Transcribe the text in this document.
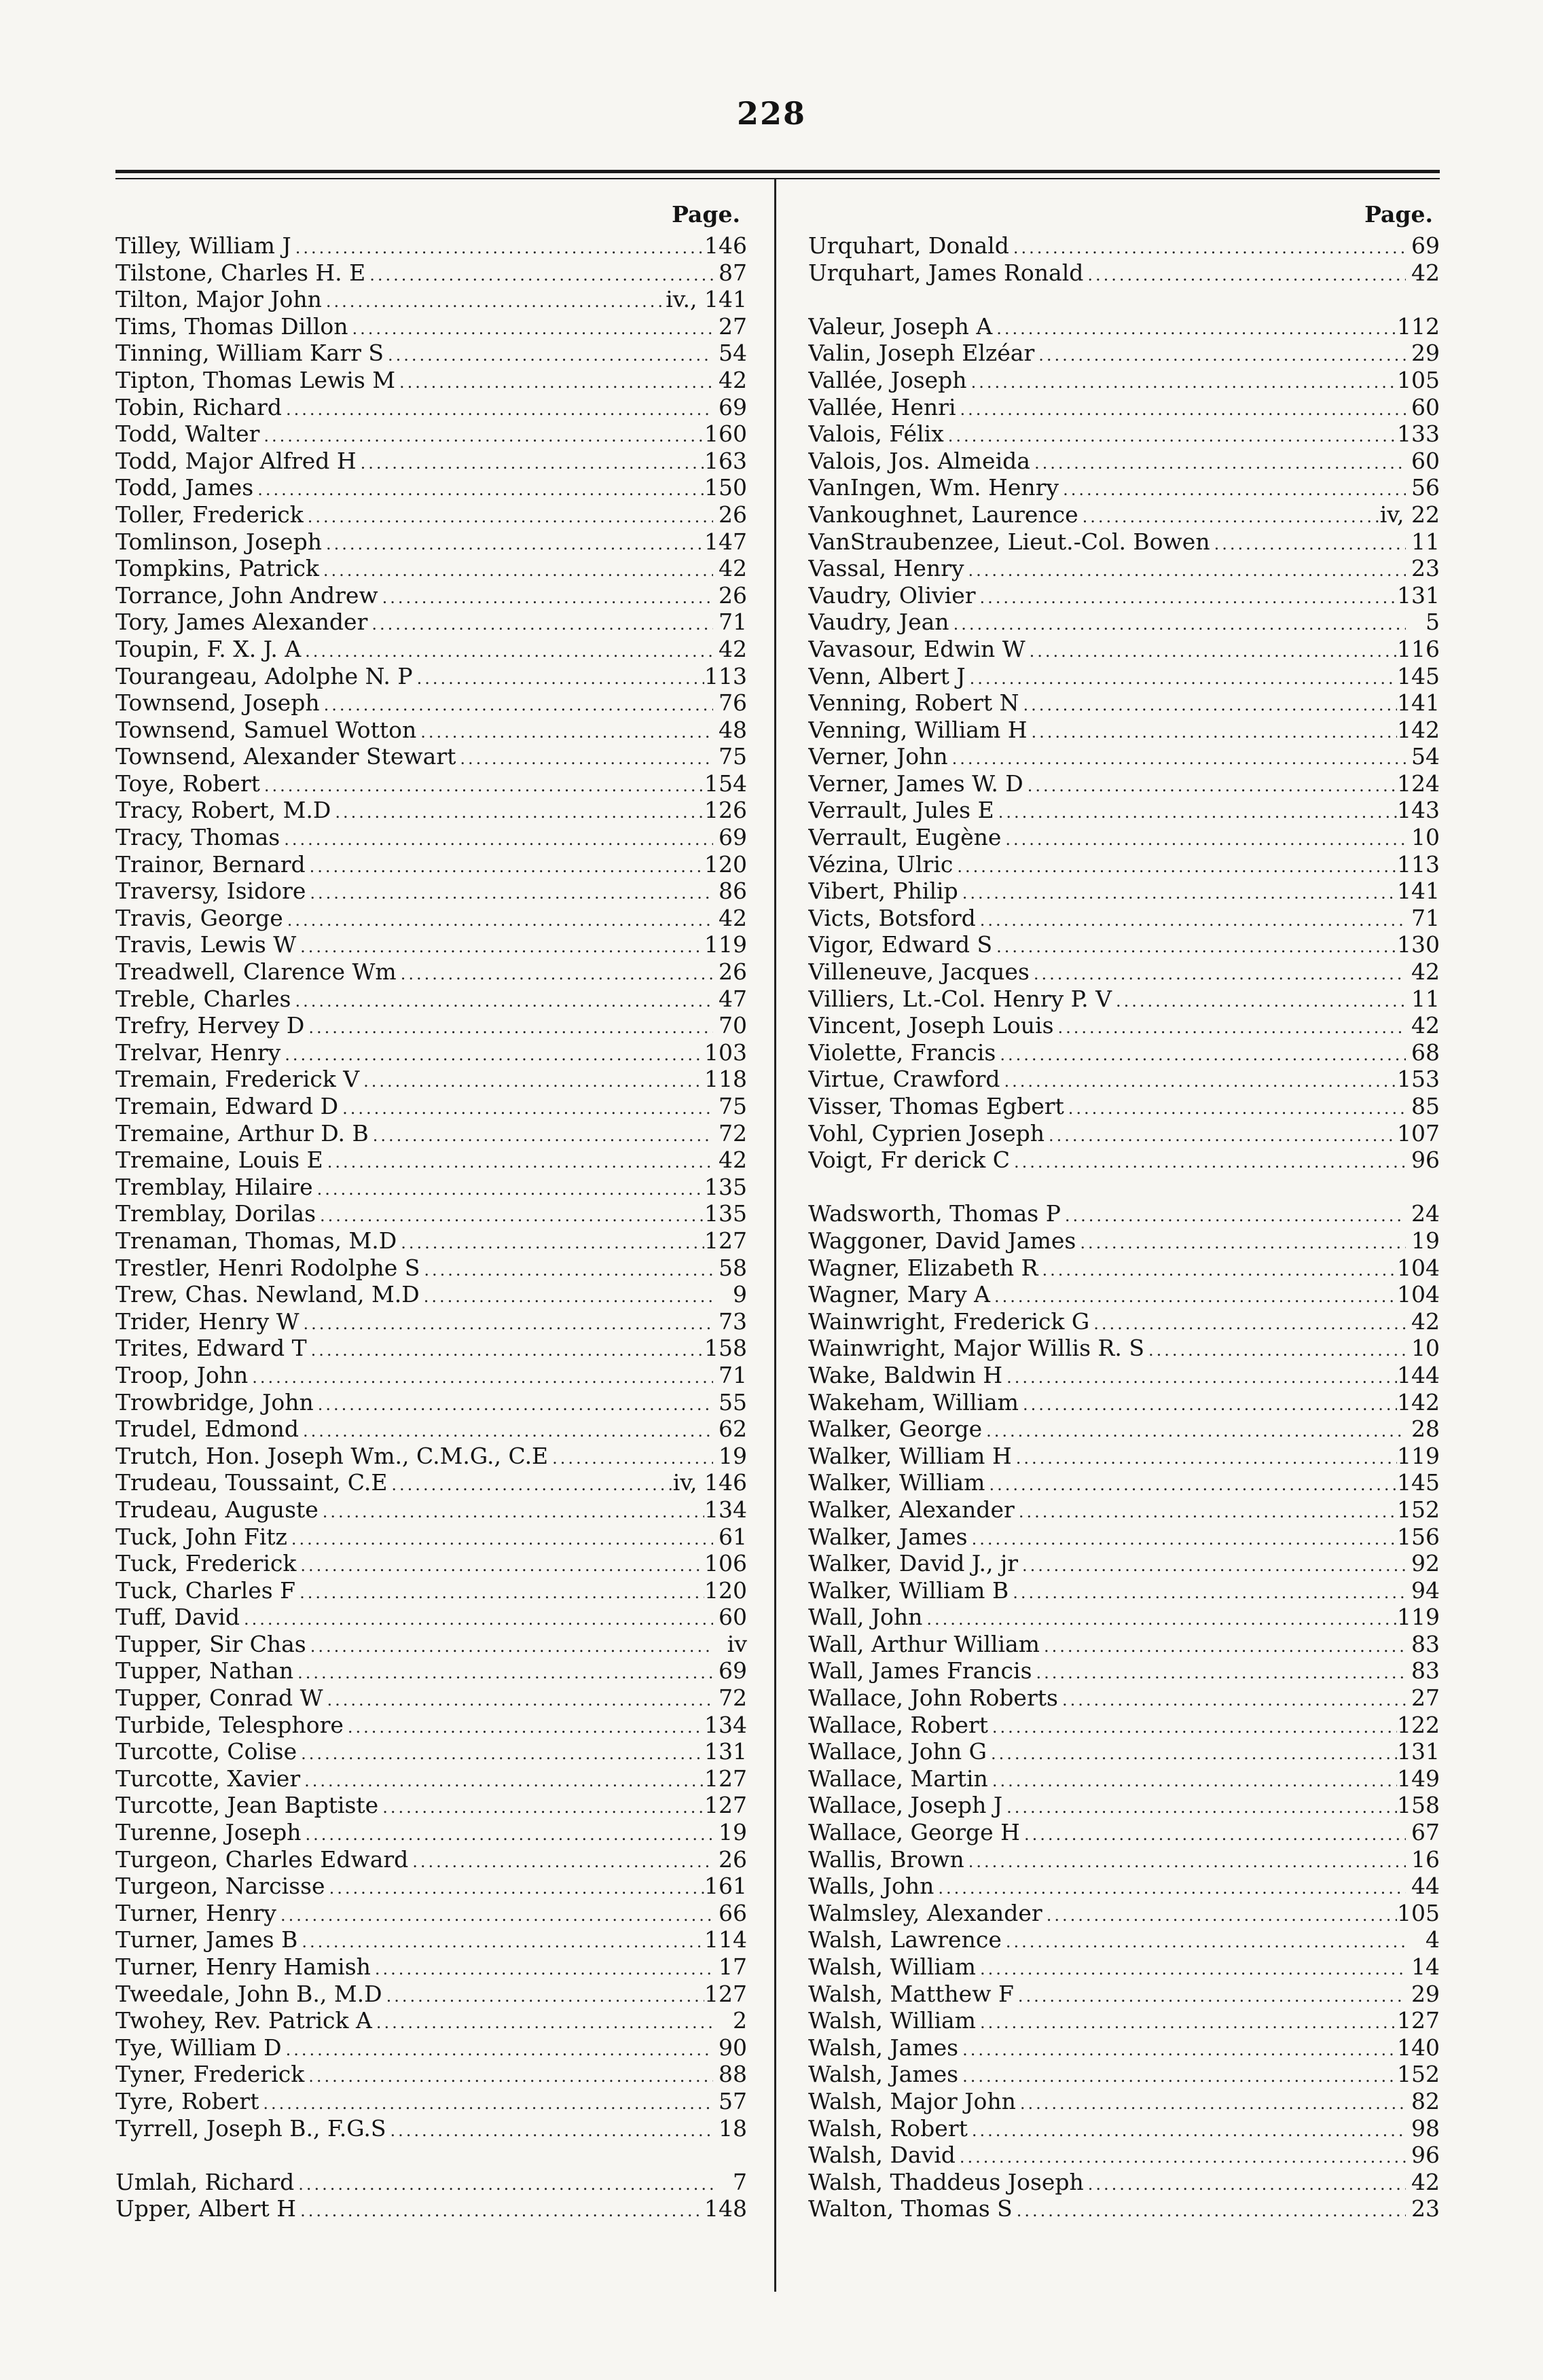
228
Page.
Tilley, William J .....	146
Tilstone, Charles H. E .....	87
Tilton, Major John .....	iv., 141
Tims, Thomas Dillon .....	27
Tinning, William Karr S .....	54
Tipton, Thomas Lewis M .....	42
Tobin, Richard .....	69
Todd, Walter .....	160
Todd, Major Alfred H .....	163
Todd, James .....	150
Toller, Frederick .....	26
Tomlinson, Joseph .....	147
Tompkins, Patrick .....	42
Torrance, John Andrew .....	26
Tory, James Alexander .....	71
Toupin, F. X. J. A .....	42
Tourangeau, Adolphe N. P .....	113
Townsend, Joseph .....	76
Townsend, Samuel Wotton .....	48
Townsend, Alexander Stewart .....	75
Toye, Robert .....	154
Tracy, Robert, M.D .....	126
Tracy, Thomas .....	69
Trainor, Bernard .....	120
Traversy, Isidore .....	86
Travis, George .....	42
Travis, Lewis W .....	119
Treadwell, Clarence Wm .....	26
Treble, Charles .....	47
Trefry, Hervey D .....	70
Trelvar, Henry .....	103
Tremain, Frederick V .....	118
Tremain, Edward D .....	75
Tremaine, Arthur D. B .....	72
Tremaine, Louis E .....	42
Tremblay, Hilaire .....	135
Tremblay, Dorilas .....	135
Trenaman, Thomas, M.D .....	127
Trestler, Henri Rodolphe S .....	58
Trew, Chas. Newland, M.D .....	9
Trider, Henry W .....	73
Trites, Edward T .....	158
Troop, John .....	71
Trowbridge, John .....	55
Trudel, Edmond .....	62
Trutch, Hon. Joseph Wm., C.M.G., C.E .....	19
Trudeau, Toussaint, C.E .....	iv, 146
Trudeau, Auguste .....	134
Tuck, John Fitz .....	61
Tuck, Frederick .....	106
Tuck, Charles F .....	120
Tuff, David .....	60
Tupper, Sir Chas .....	iv
Tupper, Nathan .....	69
Tupper, Conrad W .....	72
Turbide, Telesphore .....	134
Turcotte, Colise .....	131
Turcotte, Xavier .....	127
Turcotte, Jean Baptiste .....	127
Turenne, Joseph .....	19
Turgeon, Charles Edward .....	26
Turgeon, Narcisse .....	161
Turner, Henry .....	66
Turner, James B .....	114
Turner, Henry Hamish .....	17
Tweedale, John B., M.D .....	127
Twohey, Rev. Patrick A .....	2
Tye, William D .....	90
Tyner, Frederick .....	88
Tyre, Robert .....	57
Tyrrell, Joseph B., F.G.S .....	18
Umlah, Richard .....	7
Upper, Albert H .....	148
Page.
Urquhart, Donald .....	69
Urquhart, James Ronald .....	42
Valeur, Joseph A .....	112
Valin, Joseph Elzéar .....	29
Vallée, Joseph .....	105
Vallée, Henri .....	60
Valois, Félix .....	133
Valois, Jos. Almeida .....	60
VanIngen, Wm. Henry .....	56
Vankoughnet, Laurence .....	iv, 22
VanStraubenzee, Lieut.-Col. Bowen .....	11
Vassal, Henry .....	23
Vaudry, Olivier .....	131
Vaudry, Jean .....	5
Vavasour, Edwin W .....	116
Venn, Albert J .....	145
Venning, Robert N .....	141
Venning, William H .....	142
Verner, John .....	54
Verner, James W. D .....	124
Verrault, Jules E .....	143
Verrault, Eugène .....	10
Vézina, Ulric .....	113
Vibert, Philip .....	141
Victs, Botsford .....	71
Vigor, Edward S .....	130
Villeneuve, Jacques .....	42
Villiers, Lt.-Col. Henry P. V .....	11
Vincent, Joseph Louis .....	42
Violette, Francis .....	68
Virtue, Crawford .....	153
Visser, Thomas Egbert .....	85
Vohl, Cyprien Joseph .....	107
Voigt, Fr derick C .....	96
Wadsworth, Thomas P .....	24
Waggoner, David James .....	19
Wagner, Elizabeth R .....	104
Wagner, Mary A .....	104
Wainwright, Frederick G .....	42
Wainwright, Major Willis R. S .....	10
Wake, Baldwin H .....	144
Wakeham, William .....	142
Walker, George .....	28
Walker, William H .....	119
Walker, William .....	145
Walker, Alexander .....	152
Walker, James .....	156
Walker, David J., jr .....	92
Walker, William B .....	94
Wall, John .....	119
Wall, Arthur William .....	83
Wall, James Francis .....	83
Wallace, John Roberts .....	27
Wallace, Robert .....	122
Wallace, John G .....	131
Wallace, Martin .....	149
Wallace, Joseph J .....	158
Wallace, George H .....	67
Wallis, Brown .....	16
Walls, John .....	44
Walmsley, Alexander .....	105
Walsh, Lawrence .....	4
Walsh, William .....	14
Walsh, Matthew F .....	29
Walsh, William .....	127
Walsh, James .....	140
Walsh, James .....	152
Walsh, Major John .....	82
Walsh, Robert .....	98
Walsh, David .....	96
Walsh, Thaddeus Joseph .....	42
Walton, Thomas S .....	23
